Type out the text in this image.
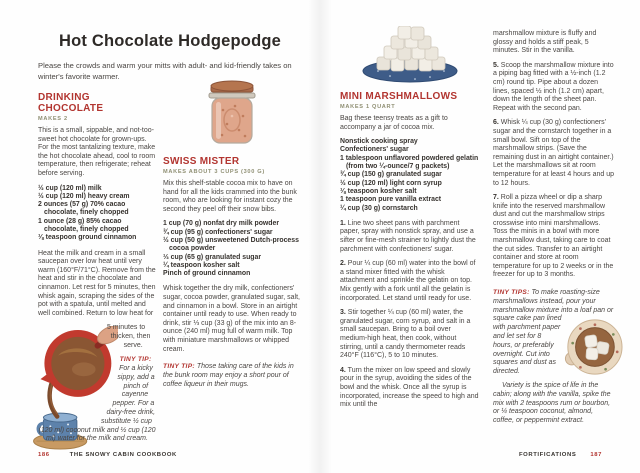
Hot Chocolate Hodgepodge

Please the crowds and warm your mitts with adult- and kid-friendly takes on winter's favorite warmer.

DRINKING CHOCOLATE
MAKES 2

This is a small, sippable, and not-too-sweet hot chocolate for grown-ups. For the most tantalizing texture, make the hot chocolate ahead, cool to room temperature, then refrigerate; reheat before serving.

½ cup (120 ml) milk

½ cup (120 ml) heavy cream

2 ounces (57 g) 70% cacao chocolate, finely chopped

1 ounce (28 g) 85% cacao chocolate, finely chopped

⅛ teaspoon ground cinnamon

Heat the milk and cream in a small saucepan over low heat until very warm (160°F/71°C). Remove from the heat and stir in the chocolate and cinnamon. Let rest for 5 minutes, then whisk again, scraping the sides of the pot with a spatula, until melted and well combined. Return to low heat for

5 minutes to thicken, then serve.

TINY TIP: For a kicky sippy, add a pinch of cayenne pepper. For a dairy-free drink, substitute ½ cup (120 ml) coconut milk and ½ cup (120 ml) water for the milk and cream.

SWISS MISTER
MAKES ABOUT 3 CUPS (300 G)

Mix this shelf-stable cocoa mix to have on hand for all the kids crammed into the bunk room, who are looking for instant cozy the second they peel off their snow bibs.

1 cup (70 g) nonfat dry milk powder

¾ cup (95 g) confectioners' sugar

½ cup (50 g) unsweetened Dutch-process cocoa powder

⅓ cup (65 g) granulated sugar

¼ teaspoon kosher salt

Pinch of ground cinnamon

Whisk together the dry milk, confectioners' sugar, cocoa powder, granulated sugar, salt, and cinnamon in a bowl. Store in an airtight container until ready to use. When ready to drink, stir ⅓ cup (33 g) of the mix into an 8-ounce (240 ml) mug full of warm milk. Top with miniature marshmallows or whipped cream.

TINY TIP: Those taking care of the kids in the bunk room may enjoy a short pour of coffee liqueur in their mugs.

186	THE SNOWY CABIN COOKBOOK
MINI MARSHMALLOWS
MAKES 1 QUART

Bag these teensy treats as a gift to accompany a jar of cocoa mix.

Nonstick cooking spray

Confectioners' sugar

1 tablespoon unflavored powdered gelatin (from two ¼-ounce/7 g packets)

¾ cup (150 g) granulated sugar

½ cup (120 ml) light corn syrup

⅛ teaspoon kosher salt

1 teaspoon pure vanilla extract

¼ cup (30 g) cornstarch

1. Line two sheet pans with parchment paper, spray with nonstick spray, and use a sifter or fine-mesh strainer to lightly dust the parchment with confectioners' sugar.

2. Pour ¼ cup (60 ml) water into the bowl of a stand mixer fitted with the whisk attachment and sprinkle the gelatin on top. Mix gently with a fork until all the gelatin is incorporated. Let stand until ready for use.

3. Stir together ¼ cup (60 ml) water, the granulated sugar, corn syrup, and salt in a small saucepan. Bring to a boil over medium-high heat, then cook, without stirring, until a candy thermometer reads 240°F (116°C), 5 to 10 minutes.

4. Turn the mixer on low speed and slowly pour in the syrup, avoiding the sides of the bowl and the whisk. Once all the syrup is incorporated, increase the speed to high and mix until the

marshmallow mixture is fluffy and glossy and holds a stiff peak, 5 minutes. Stir in the vanilla.

5. Scoop the marshmallow mixture into a piping bag fitted with a ½-inch (1.2 cm) round tip. Pipe about a dozen lines, spaced ½ inch (1.2 cm) apart, down the length of the sheet pan. Repeat with the second pan.

6. Whisk ¼ cup (30 g) confectioners' sugar and the cornstarch together in a small bowl. Sift on top of the marshmallow strips. (Save the remaining dust in an airtight container.) Let the marshmallows sit at room temperature for at least 4 hours and up to 12 hours.

7. Roll a pizza wheel or dip a sharp knife into the reserved marshmallow dust and cut the marshmallow strips crosswise into mini marshmallows. Toss the minis in a bowl with more marshmallow dust, taking care to coat the cut sides. Transfer to an airtight container and store at room temperature for up to 2 weeks or in the freezer for up to 3 months.

TINY TIPS: To make roasting-size marshmallows instead, pour your marshmallow mixture into a loaf pan or square cake pan lined with parchment paper and let set for 8 hours, or preferably overnight. Cut into squares and dust as directed.

Variety is the spice of life in the cabin; along with the vanilla, spike the mix with 2 teaspoons rum or bourbon, or ¼ teaspoon coconut, almond, coffee, or peppermint extract.

FORTIFICATIONS 187
